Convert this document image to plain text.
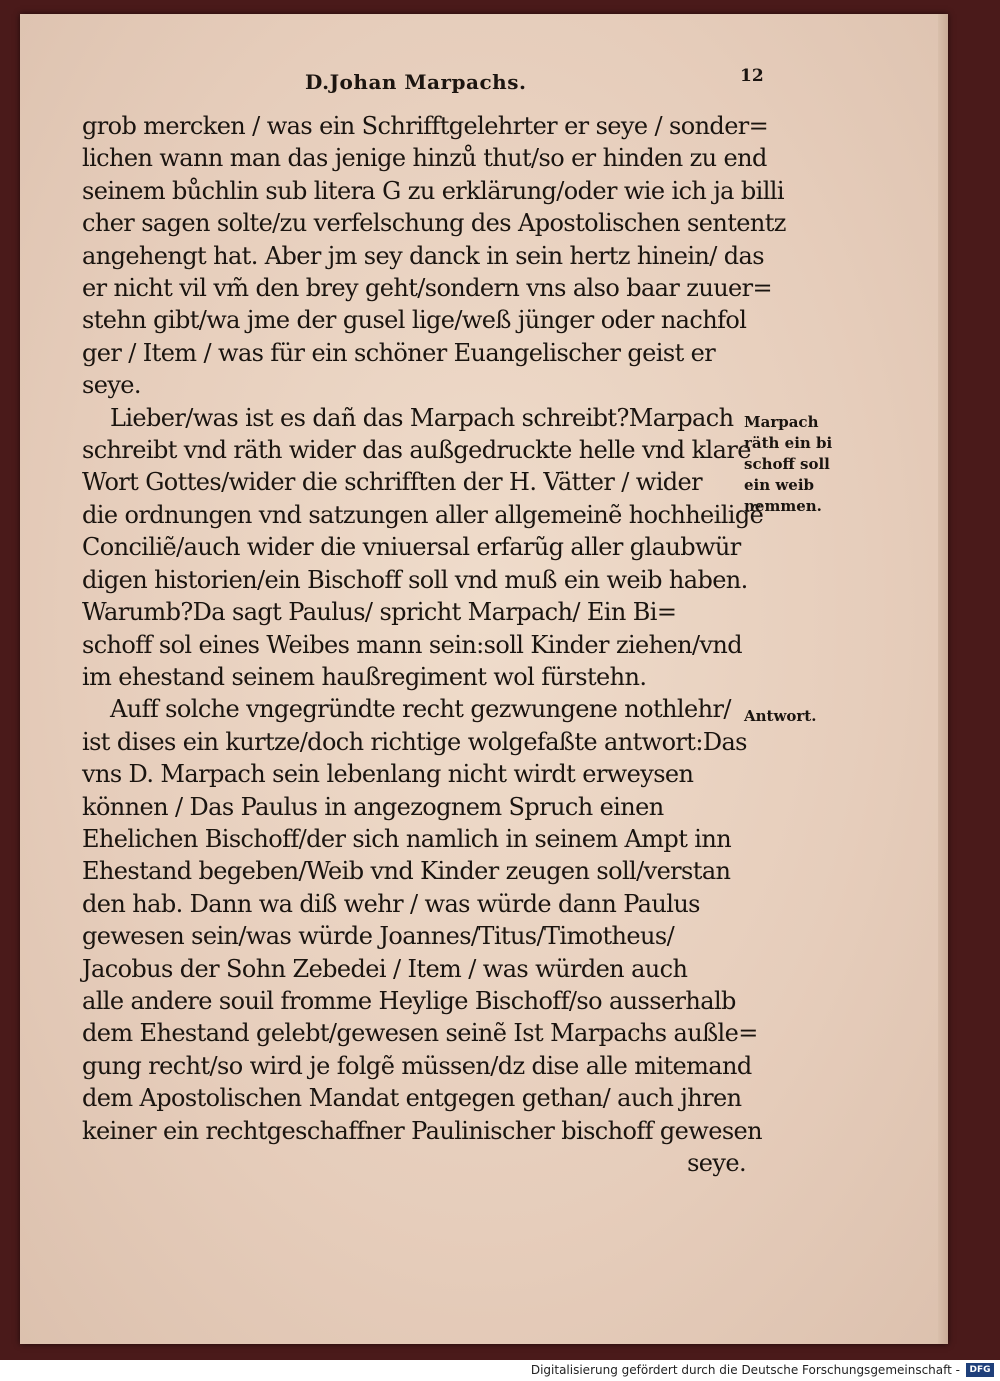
D.Johan Marpachs.	12
grob mercken / was ein Schrifftgelehrter er seye / sonder=
lichen wann man das jenige hinzů thut/so er hinden zu end
seinem bůchlin sub litera G zu erklärung/oder wie ich ja billi
cher sagen solte/zu verfelschung des Apostolischen sententz
angehengt hat. Aber jm sey danck in sein hertz hinein/ das
er nicht vil vm̃ den brey geht/sondern vns also baar zuuer=
stehn gibt/wa jme der gusel lige/weß jünger oder nachfol
ger / Item / was für ein schöner Euangelischer geist er
seye.
Lieber/was ist es dañ das Marpach schreibt?Marpach
schreibt vnd räth wider das außgedruckte helle vnd klare
Wort Gottes/wider die schrifften der H. Vätter / wider
die ordnungen vnd satzungen aller allgemeinẽ hochheiligẽ
Conciliẽ/auch wider die vniuersal erfarũg aller glaubwür
digen historien/ein Bischoff soll vnd muß ein weib haben.
Warumb?Da sagt Paulus/ spricht Marpach/ Ein Bi=
schoff sol eines Weibes mann sein:soll Kinder ziehen/vnd
im ehestand seinem haußregiment wol fürstehn.
Auff solche vngegründte recht gezwungene nothlehr/
ist dises ein kurtze/doch richtige wolgefaßte antwort:Das
vns D. Marpach sein lebenlang nicht wirdt erweysen
können / Das Paulus in angezognem Spruch einen
Ehelichen Bischoff/der sich namlich in seinem Ampt inn
Ehestand begeben/Weib vnd Kinder zeugen soll/verstan
den hab. Dann wa diß wehr / was würde dann Paulus
gewesen sein/was würde Joannes/Titus/Timotheus/
Jacobus der Sohn Zebedei / Item / was würden auch
alle andere souil fromme Heylige Bischoff/so ausserhalb
dem Ehestand gelebt/gewesen seinẽ Ist Marpachs außle=
gung recht/so wird je folgẽ müssen/dz dise alle mitemand
dem Apostolischen Mandat entgegen gethan/ auch jhren
keiner ein rechtgeschaffner Paulinischer bischoff gewesen
seye.
Marpach
räth ein bi
schoff soll
ein weib
nemmen.
Antwort.
Digitalisierung gefördert durch die Deutsche Forschungsgemeinschaft -	DFG
